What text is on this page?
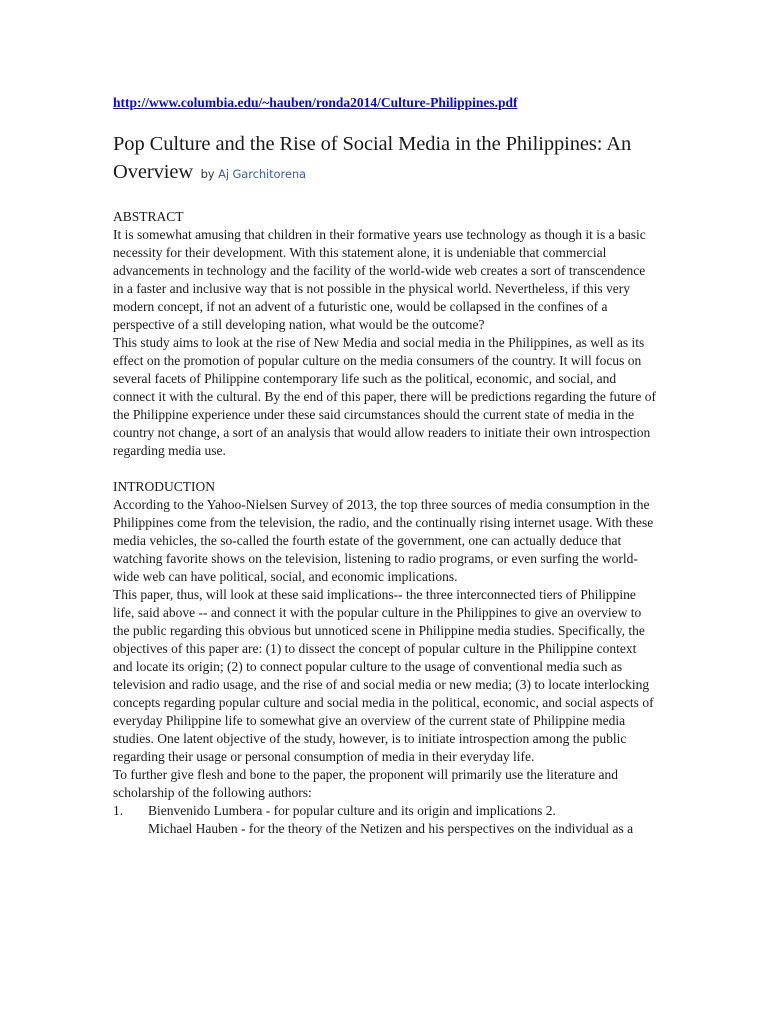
http://www.columbia.edu/~hauben/ronda2014/Culture-Philippines.pdf
Pop Culture and the Rise of Social Media in the Philippines: An Overview by Aj Garchitorena
ABSTRACT

It is somewhat amusing that children in their formative years use technology as though it is a basic necessity for their development. With this statement alone, it is undeniable that commercial advancements in technology and the facility of the world-wide web creates a sort of transcendence in a faster and inclusive way that is not possible in the physical world. Nevertheless, if this very modern concept, if not an advent of a futuristic one, would be collapsed in the confines of a perspective of a still developing nation, what would be the outcome?

This study aims to look at the rise of New Media and social media in the Philippines, as well as its effect on the promotion of popular culture on the media consumers of the country. It will focus on several facets of Philippine contemporary life such as the political, economic, and social, and connect it with the cultural. By the end of this paper, there will be predictions regarding the future of the Philippine experience under these said circumstances should the current state of media in the country not change, a sort of an analysis that would allow readers to initiate their own introspection regarding media use.

INTRODUCTION

According to the Yahoo-Nielsen Survey of 2013, the top three sources of media consumption in the Philippines come from the television, the radio, and the continually rising internet usage. With these media vehicles, the so-called the fourth estate of the government, one can actually deduce that watching favorite shows on the television, listening to radio programs, or even surfing the world-wide web can have political, social, and economic implications.

This paper, thus, will look at these said implications-- the three interconnected tiers of Philippine life, said above -- and connect it with the popular culture in the Philippines to give an overview to the public regarding this obvious but unnoticed scene in Philippine media studies. Specifically, the objectives of this paper are: (1) to dissect the concept of popular culture in the Philippine context and locate its origin; (2) to connect popular culture to the usage of conventional media such as television and radio usage, and the rise of and social media or new media; (3) to locate interlocking concepts regarding popular culture and social media in the political, economic, and social aspects of everyday Philippine life to somewhat give an overview of the current state of Philippine media studies. One latent objective of the study, however, is to initiate introspection among the public regarding their usage or personal consumption of media in their everyday life.

To further give flesh and bone to the paper, the proponent will primarily use the literature and scholarship of the following authors:

1. Bienvenido Lumbera - for popular culture and its origin and implications 2.

Michael Hauben - for the theory of the Netizen and his perspectives on the individual as a
